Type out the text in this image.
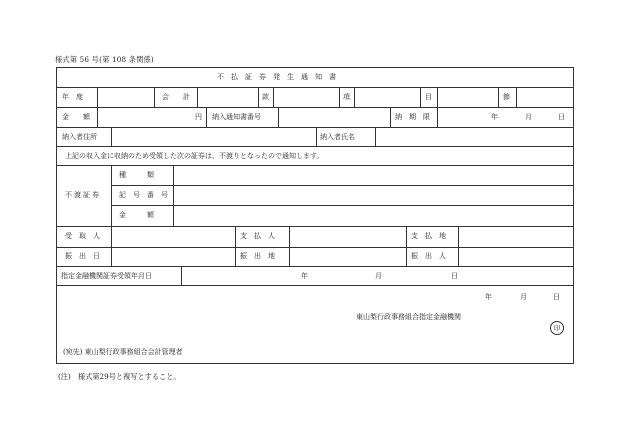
様式第 56 号(第 108 条関係)
不払証券発生通知書
年　度	会　　計	款	項	目	節
金　　額	円 納入通知書番号	納　期　限	年	月	日
納入者住所	納入者氏名
上記の収入金に収納のため受領した次の証券は、不渡りとなったので通知します。
不渡証券
種　　　類
記　号　番　号
金　　　額
受　取　人	支　払　人	支　払　地
振　出　日	振　出　地	振　出　人
指定金融機関証券受領年月日	年	月	日
年	月	日
東山梨行政事務組合指定金融機関
印
(宛先) 東山梨行政事務組合会計管理者
(注)　様式第29号と複写とすること。
